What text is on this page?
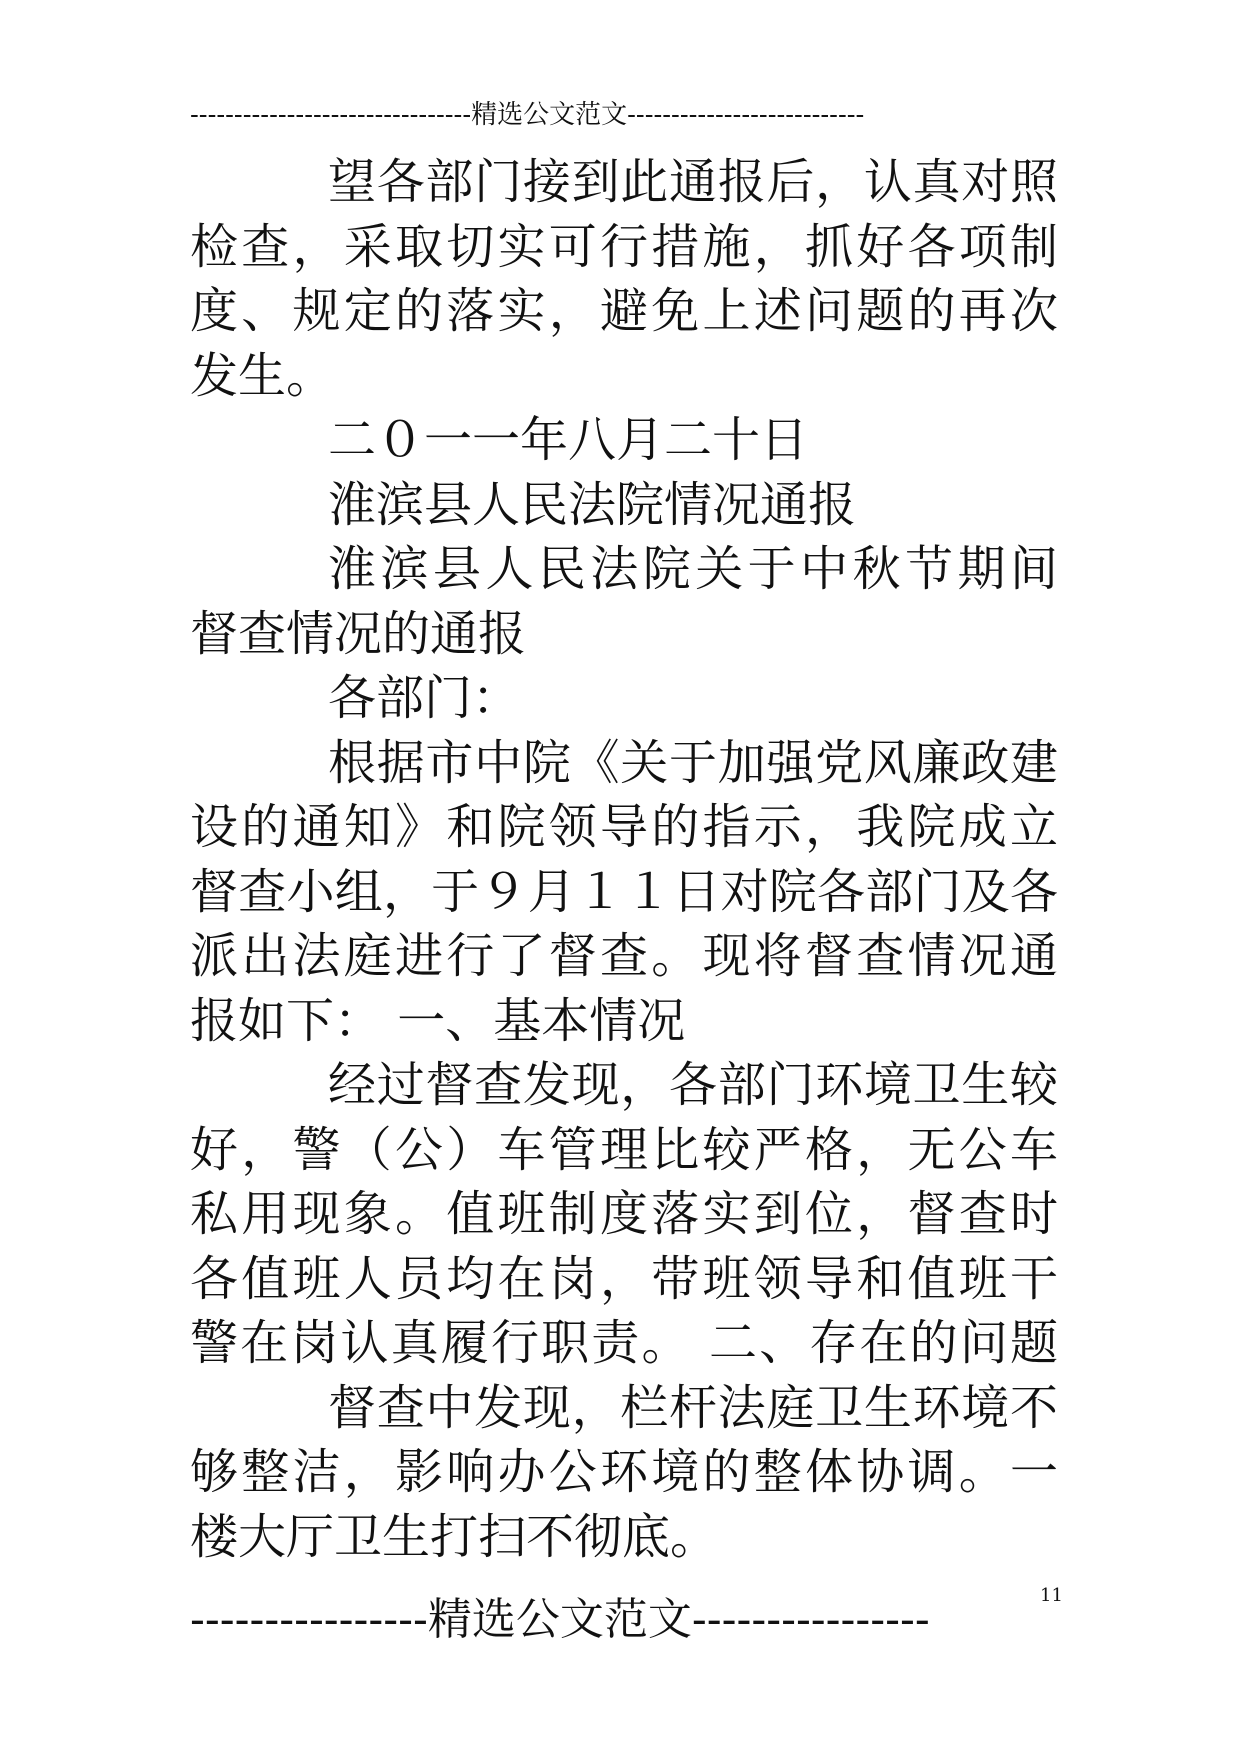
--------------------------------精选公文范文---------------------------
望各部门接到此通报后，认真对照
检查，采取切实可行措施，抓好各项制
度、规定的落实，避免上述问题的再次
发生。
二０一一年八月二十日
淮滨县人民法院情况通报
淮滨县人民法院关于中秋节期间
督查情况的通报
各部门：
根据市中院《关于加强党风廉政建
设的通知》和院领导的指示，我院成立
督查小组，于９月１１日对院各部门及各
派出法庭进行了督查。现将督查情况通
报如下： 一、基本情况
经过督查发现，各部门环境卫生较
好，警（公）车管理比较严格，无公车
私用现象。值班制度落实到位，督查时
各值班人员均在岗，带班领导和值班干
警在岗认真履行职责。 二、存在的问题
督查中发现，栏杆法庭卫生环境不
够整洁，影响办公环境的整体协调。一
楼大厅卫生打扫不彻底。
11
----------------精选公文范文----------------
